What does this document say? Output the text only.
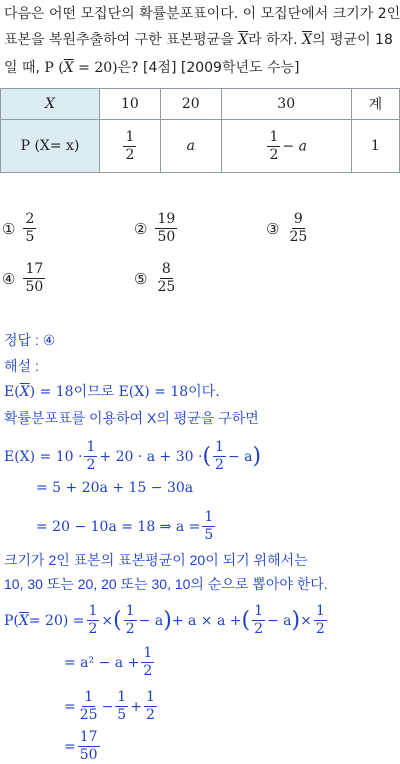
다음은 어떤 모집단의 확률분포표이다. 이 모집단에서 크기가 2인
표본을 복원추출하여 구한 표본평균을 $\overline{X}$라 하자. $\overline{X}$의 평균이 18
일 때, P $(\overline{X} = 20)$은? [4점] [2009학년도 수능]
X	10	20	30	계
P (X= x)	$\frac{1}{2}$	a	$\frac{1}{2} - a$	1
① $\frac{2}{5}$	② $\frac{19}{50}$	③ $\frac{9}{25}$
④ $\frac{17}{50}$	⑤ $\frac{8}{25}$
정답 : ④
해설 :
$E(\overline{X}) = 18$이므로 E(X) = 18이다.
확률분포표를 이용하여 X의 평균을 구하면
$E(X) = 10 \cdot \frac{1}{2} + 20 \cdot a + 30$ · ( $\frac{1}{2} - a$ )
= 5 + 20a + 15 − 30a
= 20 − 10a = 18 ⇒ $a = \frac{1}{5}$
크기가 2인 표본의 표본평균이 20이 되기 위해서는
10, 30 또는 20, 20 또는 30, 10의 순으로 뽑아야 한다.
P( $\overline{X} = 20) = \frac{1}{2}$ × ( $\frac{1}{2} - a$ ) + a × a + ( $\frac{1}{2} - a$ ) × $\frac{1}{2}$
= $a^2 - a + \frac{1}{2}$
= $\frac{1}{25} - \frac{1}{5} + \frac{1}{2}$
= $\frac{17}{50}$
